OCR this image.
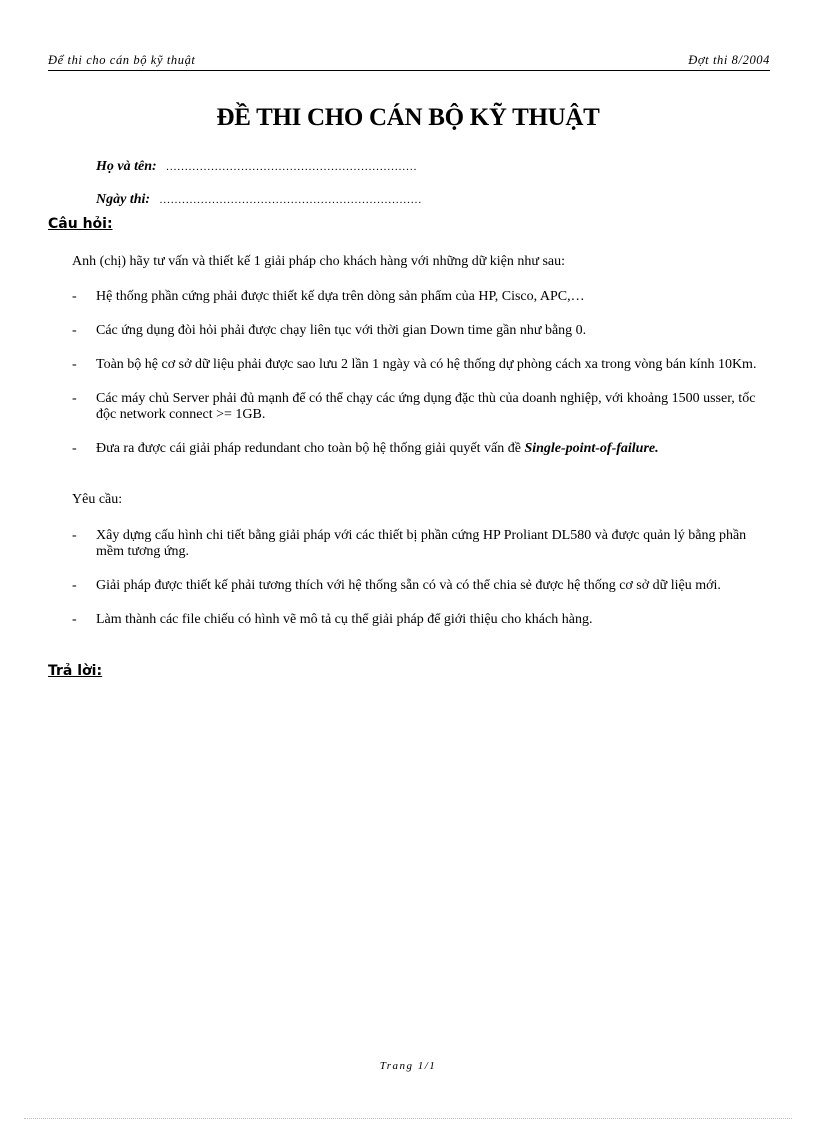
Để thi cho cán bộ kỹ thuật	Đợt thi 8/2004
ĐỀ THI CHO CÁN BỘ KỸ THUẬT
Họ và tên: ...................................................................
Ngày thi: ......................................................................
Câu hỏi:
Anh (chị) hãy tư vấn và thiết kế 1 giải pháp cho khách hàng với những dữ kiện như sau:
- Hệ thống phần cứng phải được thiết kế dựa trên dòng sản phẩm của HP, Cisco, APC,…
- Các ứng dụng đòi hỏi phải được chạy liên tục với thời gian Down time gần như bằng 0.
- Toàn bộ hệ cơ sở dữ liệu phải được sao lưu 2 lần 1 ngày và có hệ thống dự phòng cách xa trong vòng bán kính 10Km.
- Các máy chủ Server phải đủ mạnh để có thể chạy các ứng dụng đặc thù của doanh nghiệp, với khoảng 1500 usser, tốc độc network connect >= 1GB.
- Đưa ra được cái giải pháp redundant cho toàn bộ hệ thống giải quyết vấn đề Single-point-of-failure.
Yêu cầu:
- Xây dựng cấu hình chi tiết bằng giải pháp với các thiết bị phần cứng HP Proliant DL580 và được quản lý bằng phần mềm tương ứng.
- Giải pháp được thiết kế phải tương thích với hệ thống sẵn có và có thể chia sẻ được hệ thống cơ sở dữ liệu mới.
- Làm thành các file chiếu có hình vẽ mô tả cụ thể giải pháp để giới thiệu cho khách hàng.
Trả lời:
Trang 1/1
